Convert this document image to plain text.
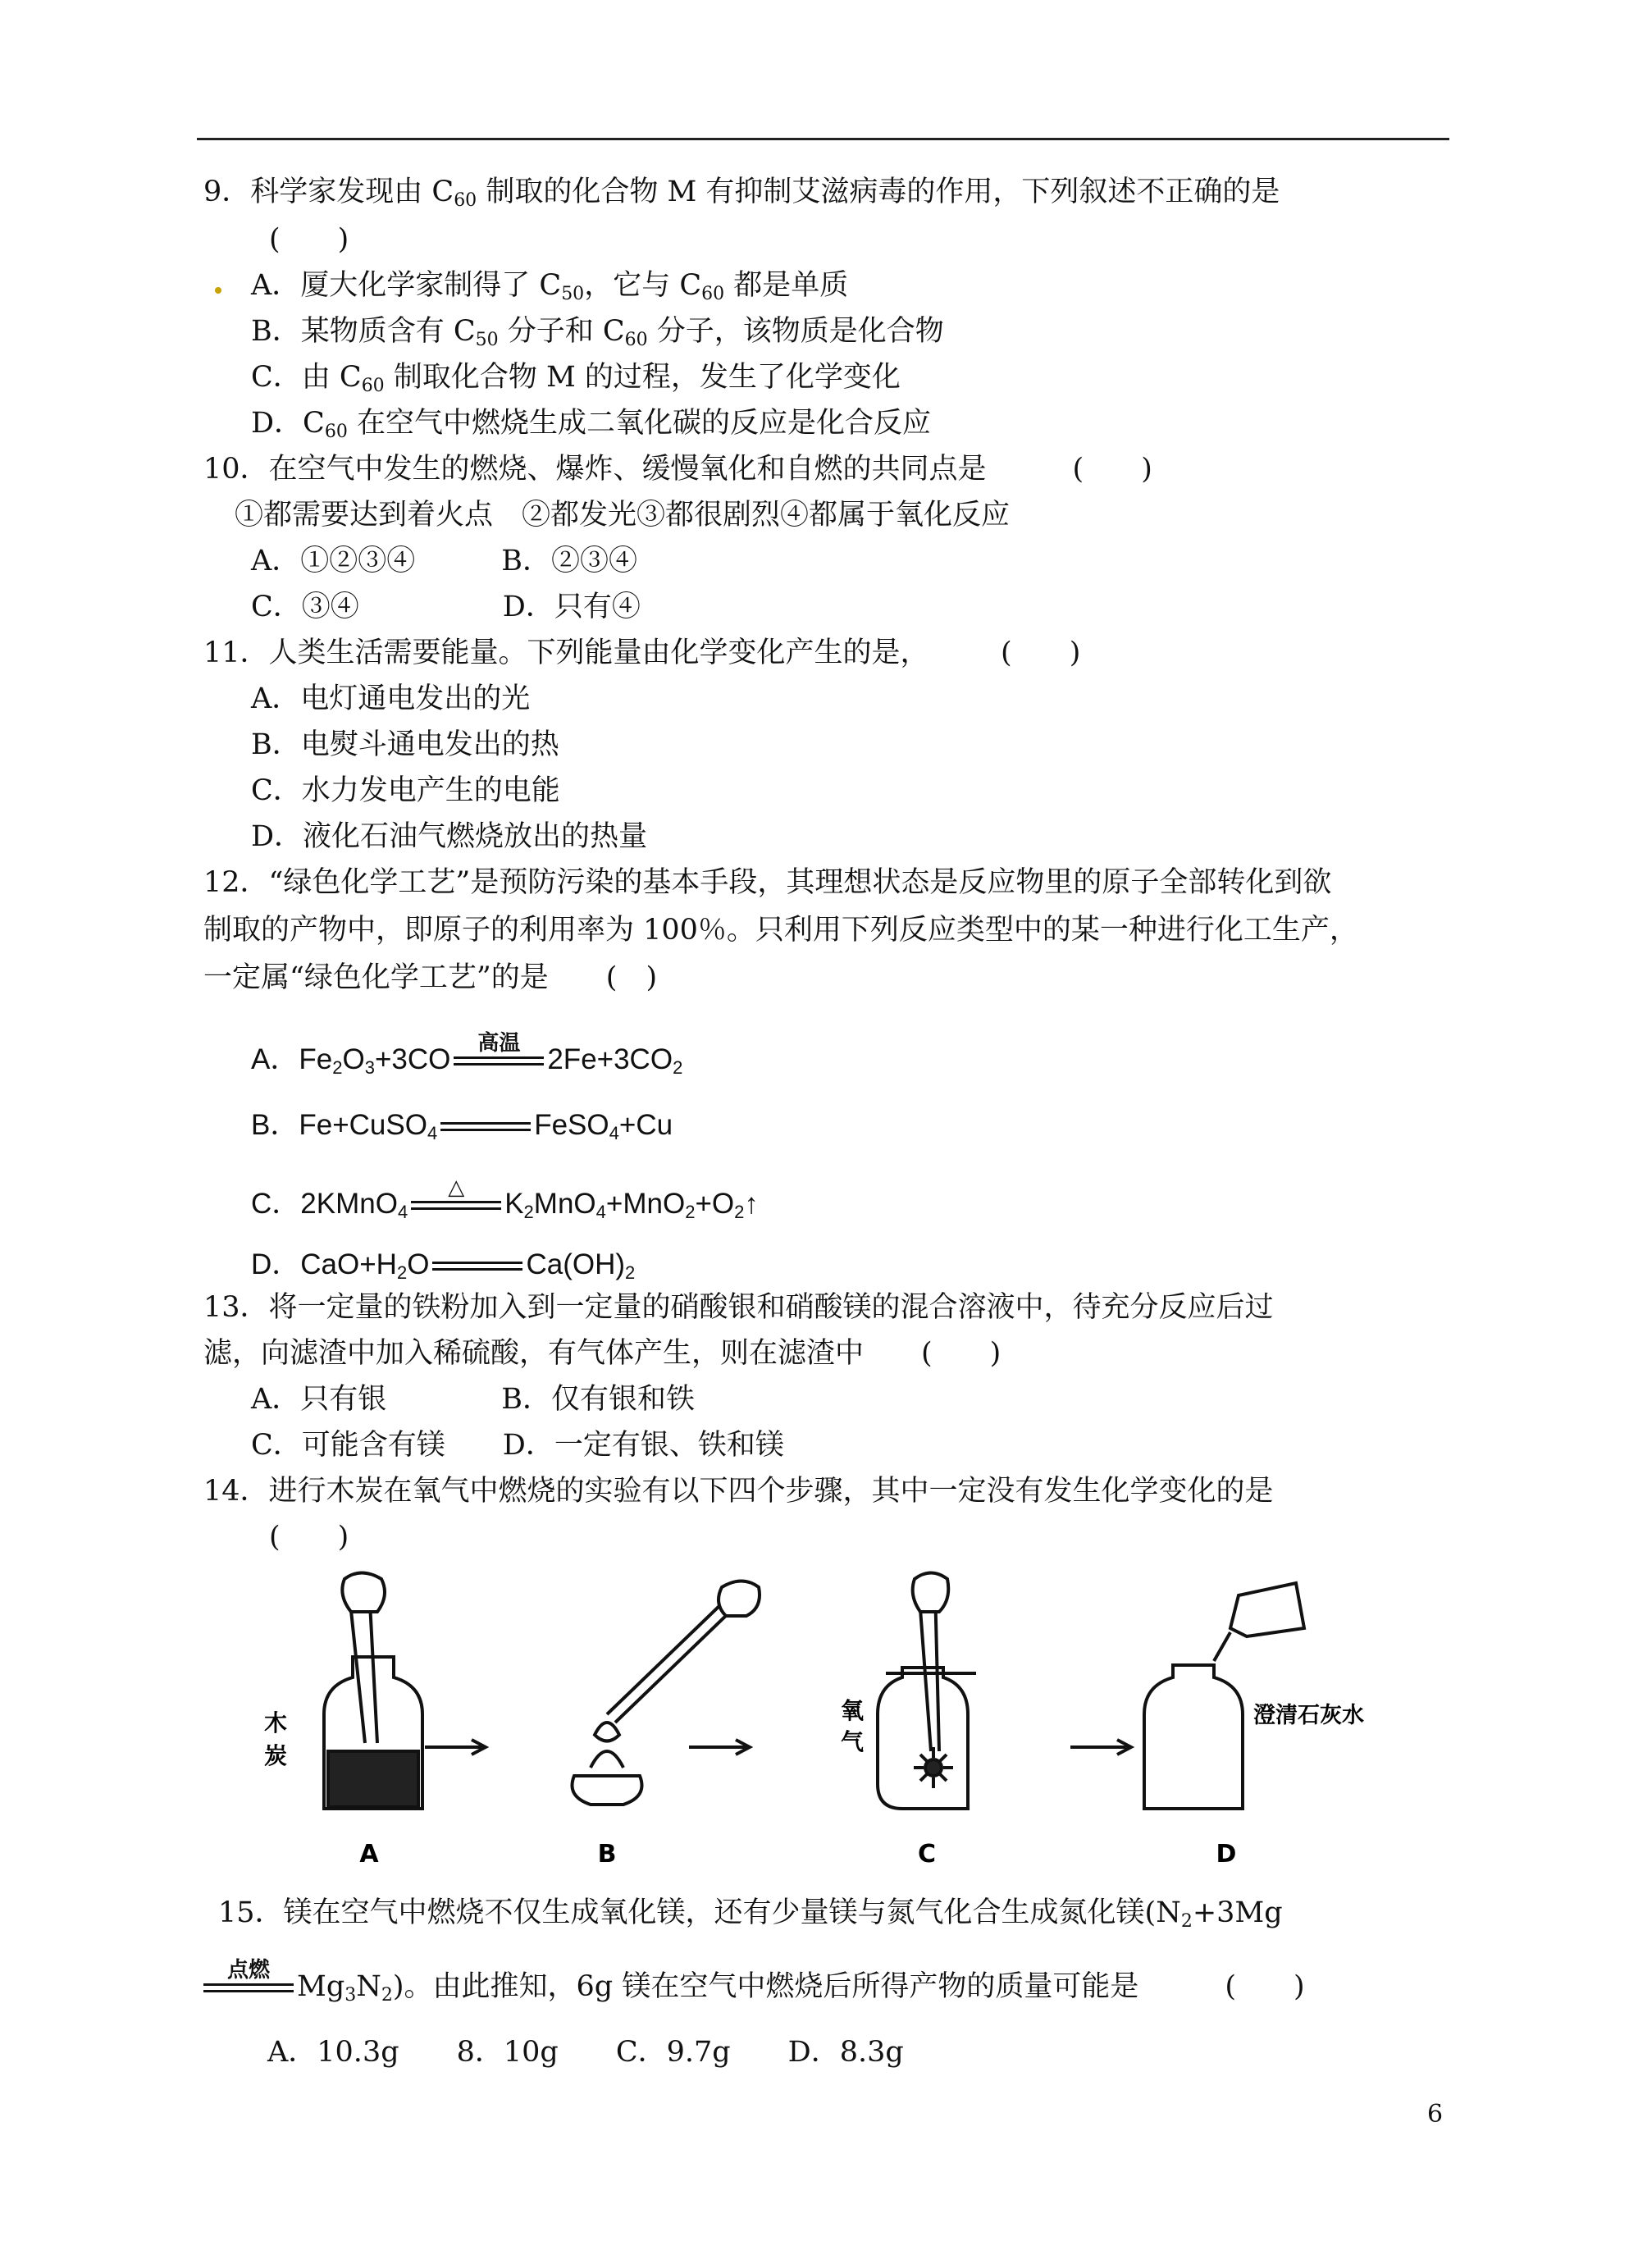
9．科学家发现由 $C_{60}$ 制取的化合物 M 有抑制艾滋病毒的作用，下列叙述不正确的是
(　　)
A．厦大化学家制得了 $C_{50}$，它与 $C_{60}$ 都是单质
B．某物质含有 $C_{50}$ 分子和 $C_{60}$ 分子，该物质是化合物
C．由 $C_{60}$ 制取化合物 M 的过程，发生了化学变化
D．$C_{60}$ 在空气中燃烧生成二氧化碳的反应是化合反应
10．在空气中发生的燃烧、爆炸、缓慢氧化和自燃的共同点是　　　(　　)
①都需要达到着火点　②都发光③都很剧烈④都属于氧化反应
A．①②③④　　　B．②③④
C．③④　　　　　D．只有④
11．人类生活需要能量。下列能量由化学变化产生的是，　　　(　　)
A．电灯通电发出的光
B．电熨斗通电发出的热
C．水力发电产生的电能
D．液化石油气燃烧放出的热量
12．“绿色化学工艺”是预防污染的基本手段，其理想状态是反应物里的原子全部转化到欲
制取的产物中，即原子的利用率为 100％。只利用下列反应类型中的某一种进行化工生产，
一定属“绿色化学工艺”的是　　(　)
A．$Fe_2O_3+3CO$
高温
$2Fe+3CO_2$
B．Fe+CuSO$_4$	FeSO$_4$+Cu
C．2KMnO$_4$
△
$K_2MnO_4+MnO_2+O_2↑$
D．$CaO+H_2O$	$Ca(OH)_2$
13．将一定量的铁粉加入到一定量的硝酸银和硝酸镁的混合溶液中，待充分反应后过
滤，向滤渣中加入稀硫酸，有气体产生，则在滤渣中　　(　　)
A．只有银　　　　B．仅有银和铁
C．可能含有镁　　D．一定有银、铁和镁
14．进行木炭在氧气中燃烧的实验有以下四个步骤，其中一定没有发生化学变化的是
(　　)
木
炭
氧
气
澄清石灰水
A	B	C	D
15．镁在空气中燃烧不仅生成氧化镁，还有少量镁与氮气化合生成氮化镁($N_2+3Mg$
点燃
$Mg_3N_2$)。由此推知，6g 镁在空气中燃烧后所得产物的质量可能是　　　(　　)
A．10.3g　　8．10g　　C．9.7g　　D．8.3g
6
